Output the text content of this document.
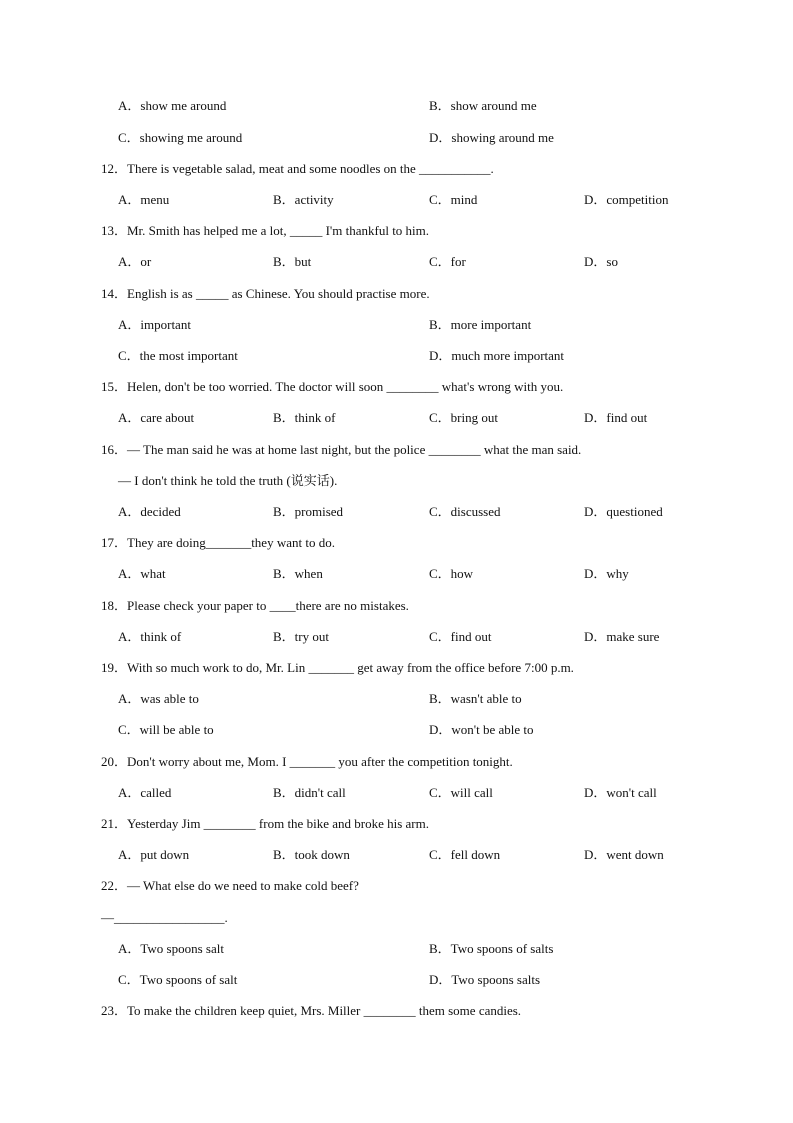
A．show me around	B．show around me
C．showing me around	D．showing around me
12．There is vegetable salad, meat and some noodles on the ___________.
A．menu	B．activity	C．mind	D．competition
13．Mr. Smith has helped me a lot, _____ I'm thankful to him.
A．or	B．but	C．for	D．so
14．English is as _____ as Chinese. You should practise more.
A．important	B．more important
C．the most important	D．much more important
15．Helen, don't be too worried. The doctor will soon ________ what's wrong with you.
A．care about	B．think of	C．bring out	D．find out
16．— The man said he was at home last night, but the police ________ what the man said.
— I don't think he told the truth (说实话).
A．decided	B．promised	C．discussed	D．questioned
17．They are doing_______they want to do.
A．what	B．when	C．how	D．why
18．Please check your paper to ____there are no mistakes.
A．think of	B．try out	C．find out	D．make sure
19．With so much work to do, Mr. Lin _______ get away from the office before 7:00 p.m.
A．was able to	B．wasn't able to
C．will be able to	D．won't be able to
20．Don't worry about me, Mom. I _______ you after the competition tonight.
A．called	B．didn't call	C．will call	D．won't call
21．Yesterday Jim ________ from the bike and broke his arm.
A．put down	B．took down	C．fell down	D．went down
22．— What else do we need to make cold beef?
—_________________.
A．Two spoons salt	B．Two spoons of salts
C．Two spoons of salt	D．Two spoons salts
23．To make the children keep quiet, Mrs. Miller ________ them some candies.
